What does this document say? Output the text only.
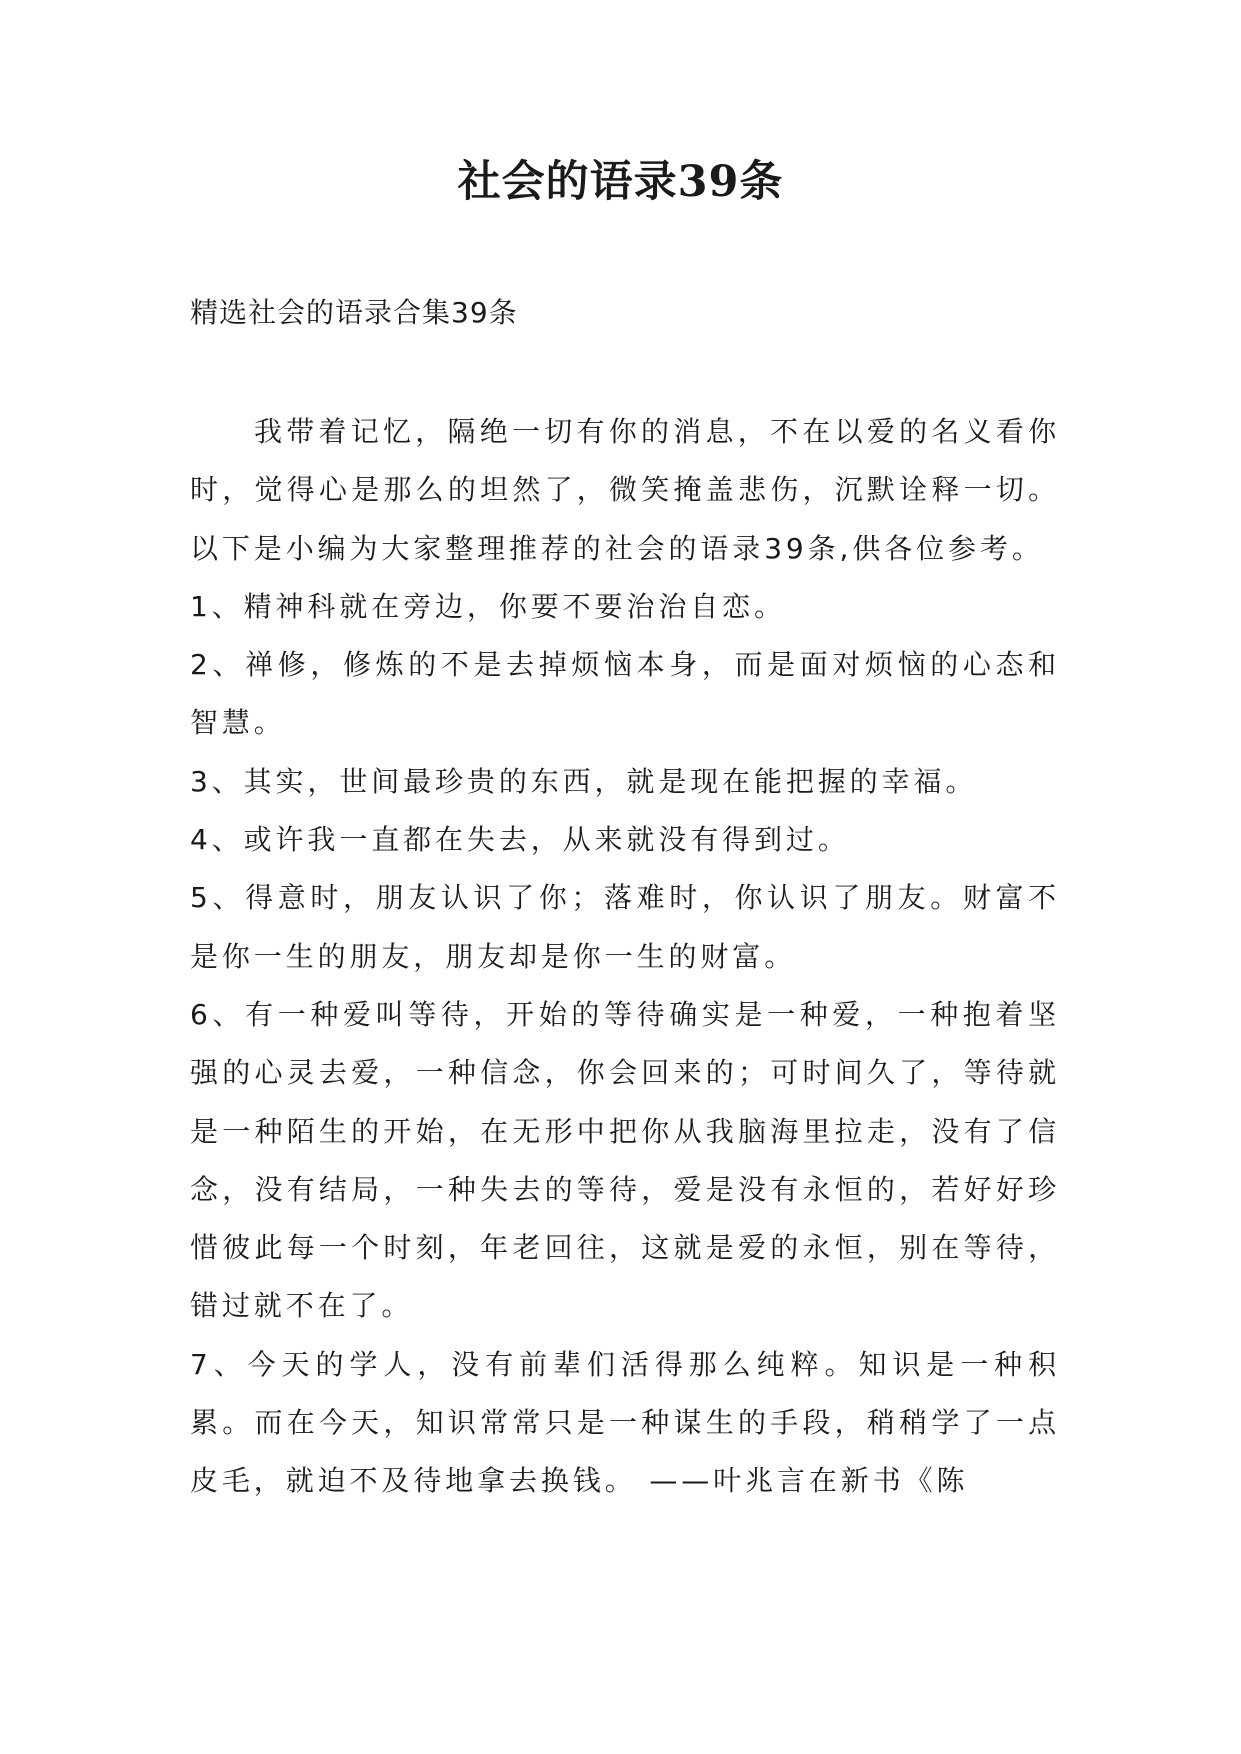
社会的语录39条

精选社会的语录合集39条

我带着记忆，隔绝一切有你的消息，不在以爱的名义看你时，觉得心是那么的坦然了，微笑掩盖悲伤，沉默诠释一切。以下是小编为大家整理推荐的社会的语录39条,供各位参考。

1、精神科就在旁边，你要不要治治自恋。

2、禅修，修炼的不是去掉烦恼本身，而是面对烦恼的心态和智慧。

3、其实，世间最珍贵的东西，就是现在能把握的幸福。

4、或许我一直都在失去，从来就没有得到过。

5、得意时，朋友认识了你；落难时，你认识了朋友。财富不是你一生的朋友，朋友却是你一生的财富。

6、有一种爱叫等待，开始的等待确实是一种爱，一种抱着坚强的心灵去爱，一种信念，你会回来的；可时间久了，等待就是一种陌生的开始，在无形中把你从我脑海里拉走，没有了信念，没有结局，一种失去的等待，爱是没有永恒的，若好好珍惜彼此每一个时刻，年老回往，这就是爱的永恒，别在等待，错过就不在了。

7、今天的学人，没有前辈们活得那么纯粹。知识是一种积累。而在今天，知识常常只是一种谋生的手段，稍稍学了一点皮毛，就迫不及待地拿去换钱。 ——叶兆言在新书《陈
